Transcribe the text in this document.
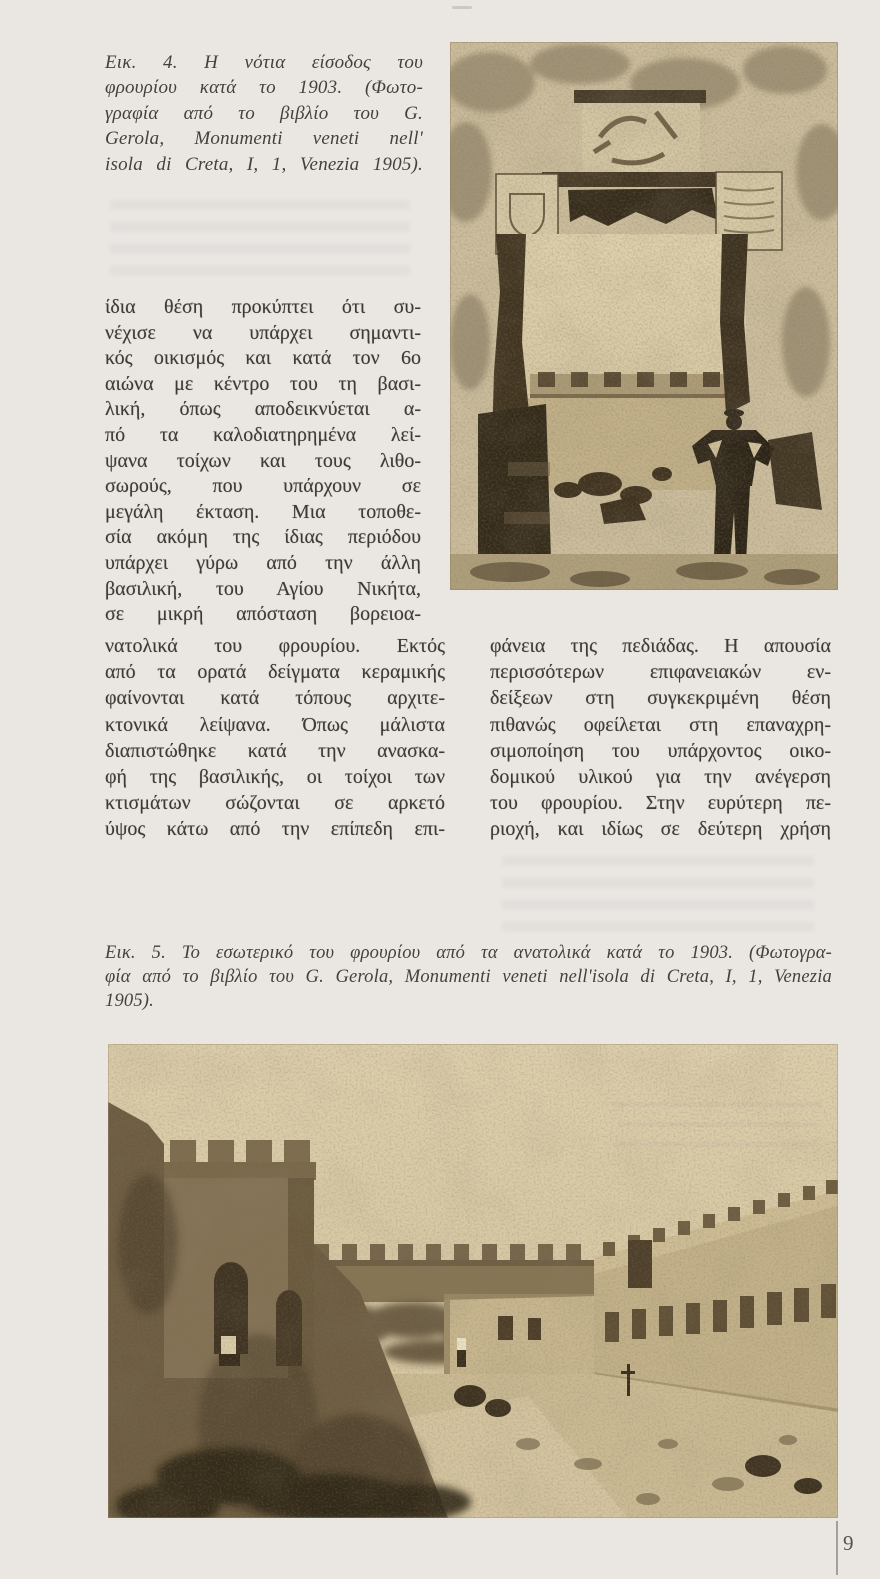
Εικ. 4. Η νότια είσοδος του
φρουρίου κατά το 1903. (Φωτο-
γραφία από το βιβλίο του G.
Gerola, Monumenti veneti nell'
isola di Creta, I, 1, Venezia 1905).
ίδια θέση προκύπτει ότι συ-
νέχισε να υπάρχει σημαντι-
κός οικισμός και κατά τον 6ο
αιώνα με κέντρο του τη βασι-
λική, όπως αποδεικνύεται α-
πό τα καλοδιατηρημένα λεί-
ψανα τοίχων και τους λιθο-
σωρούς, που υπάρχουν σε
μεγάλη έκταση. Μια τοποθε-
σία ακόμη της ίδιας περιόδου
υπάρχει γύρω από την άλλη
βασιλική, του Αγίου Νικήτα,
σε μικρή απόσταση βορειοα-
νατολικά του φρουρίου. Εκτός
από τα ορατά δείγματα κεραμικής
φαίνονται κατά τόπους αρχιτε-
κτονικά λείψανα. Όπως μάλιστα
διαπιστώθηκε κατά την ανασκα-
φή της βασιλικής, οι τοίχοι των
κτισμάτων σώζονται σε αρκετό
ύψος κάτω από την επίπεδη επι-
φάνεια της πεδιάδας. Η απουσία
περισσότερων επιφανειακών εν-
δείξεων στη συγκεκριμένη θέση
πιθανώς οφείλεται στη επαναχρη-
σιμοποίηση του υπάρχοντος οικο-
δομικού υλικού για την ανέγερση
του φρουρίου. Στην ευρύτερη πε-
ριοχή, και ιδίως σε δεύτερη χρήση
Εικ. 5. Το εσωτερικό του φρουρίου από τα ανατολικά κατά το 1903. (Φωτογρα-
φία από το βιβλίο του G. Gerola, Monumenti veneti nell'isola di Creta, I, 1, Venezia
1905).
9
